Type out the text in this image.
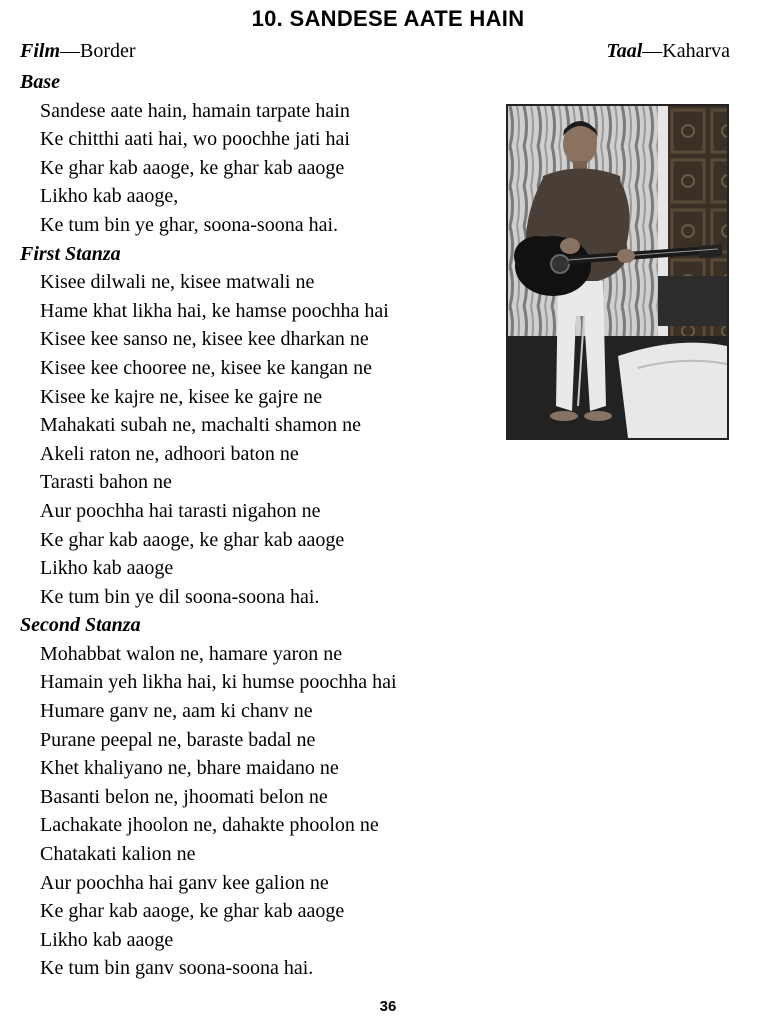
10. SANDESE AATE HAIN
Film—Border	Taal—Kaharva
Base
Sandese aate hain, hamain tarpate hain
Ke chitthi aati hai, wo poochhe jati hai
Ke ghar kab aaoge, ke ghar kab aaoge
Likho kab aaoge,
Ke tum bin ye ghar, soona-soona hai.
First Stanza
Kisee dilwali ne, kisee matwali ne
Hame khat likha hai, ke hamse poochha hai
Kisee kee sanso ne, kisee kee dharkan ne
Kisee kee chooree ne, kisee ke kangan ne
Kisee ke kajre ne, kisee ke gajre ne
Mahakati subah ne, machalti shamon ne
Akeli raton ne, adhoori baton ne
Tarasti bahon ne
Aur poochha hai tarasti nigahon ne
Ke ghar kab aaoge, ke ghar kab aaoge
Likho kab aaoge
Ke tum bin ye dil soona-soona hai.
Second Stanza
Mohabbat walon ne, hamare yaron ne
Hamain yeh likha hai, ki humse poochha hai
Humare ganv ne, aam ki chanv ne
Purane peepal ne, baraste badal ne
Khet khaliyano ne, bhare maidano ne
Basanti belon ne, jhoomati belon ne
Lachakate jhoolon ne, dahakte phoolon ne
Chatakati kalion ne
Aur poochha hai ganv kee galion ne
Ke ghar kab aaoge, ke ghar kab aaoge
Likho kab aaoge
Ke tum bin ganv soona-soona hai.
36
